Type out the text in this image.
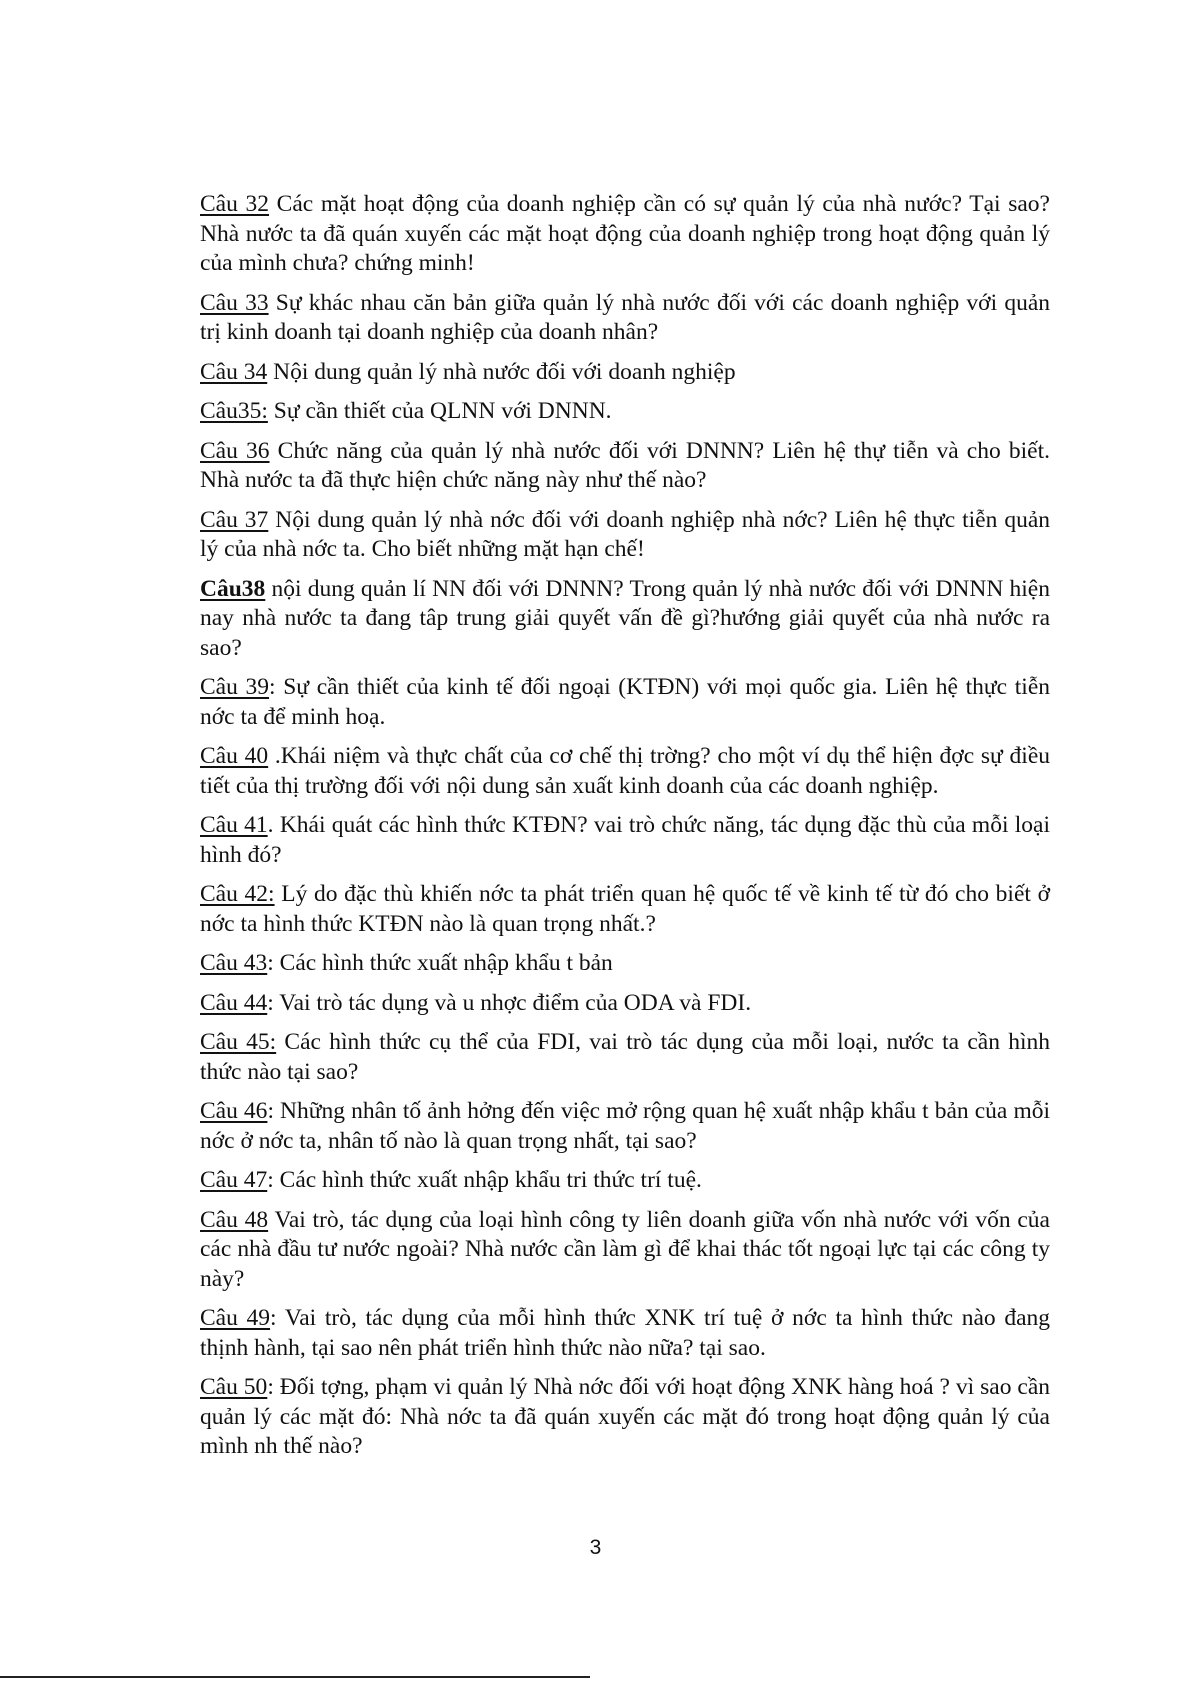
Câu 32 Các mặt hoạt động của doanh nghiệp cần có sự quản lý của nhà nước? Tại sao? Nhà nước ta đã quán xuyến các mặt hoạt động của doanh nghiệp trong hoạt động quản lý của mình chưa? chứng minh!

Câu 33 Sự khác nhau căn bản giữa quản lý nhà nước đối với các doanh nghiệp với quản trị kinh doanh tại doanh nghiệp của doanh nhân?

Câu 34 Nội dung quản lý nhà nước đối với doanh nghiệp

Câu35: Sự cần thiết của QLNN với DNNN.

Câu 36 Chức năng của quản lý nhà nước đối với DNNN? Liên hệ thự tiễn và cho biết. Nhà nước ta đã thực hiện chức năng này như thế nào?

Câu 37 Nội dung quản lý nhà nớc đối với doanh nghiệp nhà nớc? Liên hệ thực tiễn quản lý của nhà nớc ta. Cho biết những mặt hạn chế!

Câu38 nội dung quản lí NN đối với DNNN? Trong quản lý nhà nước đối với DNNN hiện nay nhà nước ta đang tâp trung giải quyết vấn đề gì?hướng giải quyết của nhà nước ra sao?

Câu 39: Sự cần thiết của kinh tế đối ngoại (KTĐN) với mọi quốc gia. Liên hệ thực tiễn nớc ta để minh hoạ.

Câu 40 .Khái niệm và thực chất của cơ chế thị trờng? cho một ví dụ thể hiện đợc sự điều tiết của thị trường đối với nội dung sản xuất kinh doanh của các doanh nghiệp.

Câu 41. Khái quát các hình thức KTĐN? vai trò chức năng, tác dụng đặc thù của mỗi loại hình đó?

Câu 42: Lý do đặc thù khiến nớc ta phát triển quan hệ quốc tế về kinh tế từ đó cho biết ở nớc ta hình thức KTĐN nào là quan trọng nhất.?

Câu 43: Các hình thức xuất nhập khẩu t bản

Câu 44: Vai trò tác dụng và u nhợc điểm của ODA và FDI.

Câu 45: Các hình thức cụ thể của FDI, vai trò tác dụng của mỗi loại, nước ta cần hình thức nào tại sao?

Câu 46: Những nhân tố ảnh hởng đến việc mở rộng quan hệ xuất nhập khẩu t bản của mỗi nớc ở nớc ta, nhân tố nào là quan trọng nhất, tại sao?

Câu 47: Các hình thức xuất nhập khẩu tri thức trí tuệ.

Câu 48 Vai trò, tác dụng của loại hình công ty liên doanh giữa vốn nhà nước với vốn của các nhà đầu tư nước ngoài? Nhà nước cần làm gì để khai thác tốt ngoại lực tại các công ty này?

Câu 49: Vai trò, tác dụng của mỗi hình thức XNK trí tuệ ở nớc ta hình thức nào đang thịnh hành, tại sao nên phát triển hình thức nào nữa? tại sao.

Câu 50: Đối tợng, phạm vi quản lý Nhà nớc đối với hoạt động XNK hàng hoá ? vì sao cần quản lý các mặt đó: Nhà nớc ta đã quán xuyến các mặt đó trong hoạt động quản lý của mình nh thế nào?

3
